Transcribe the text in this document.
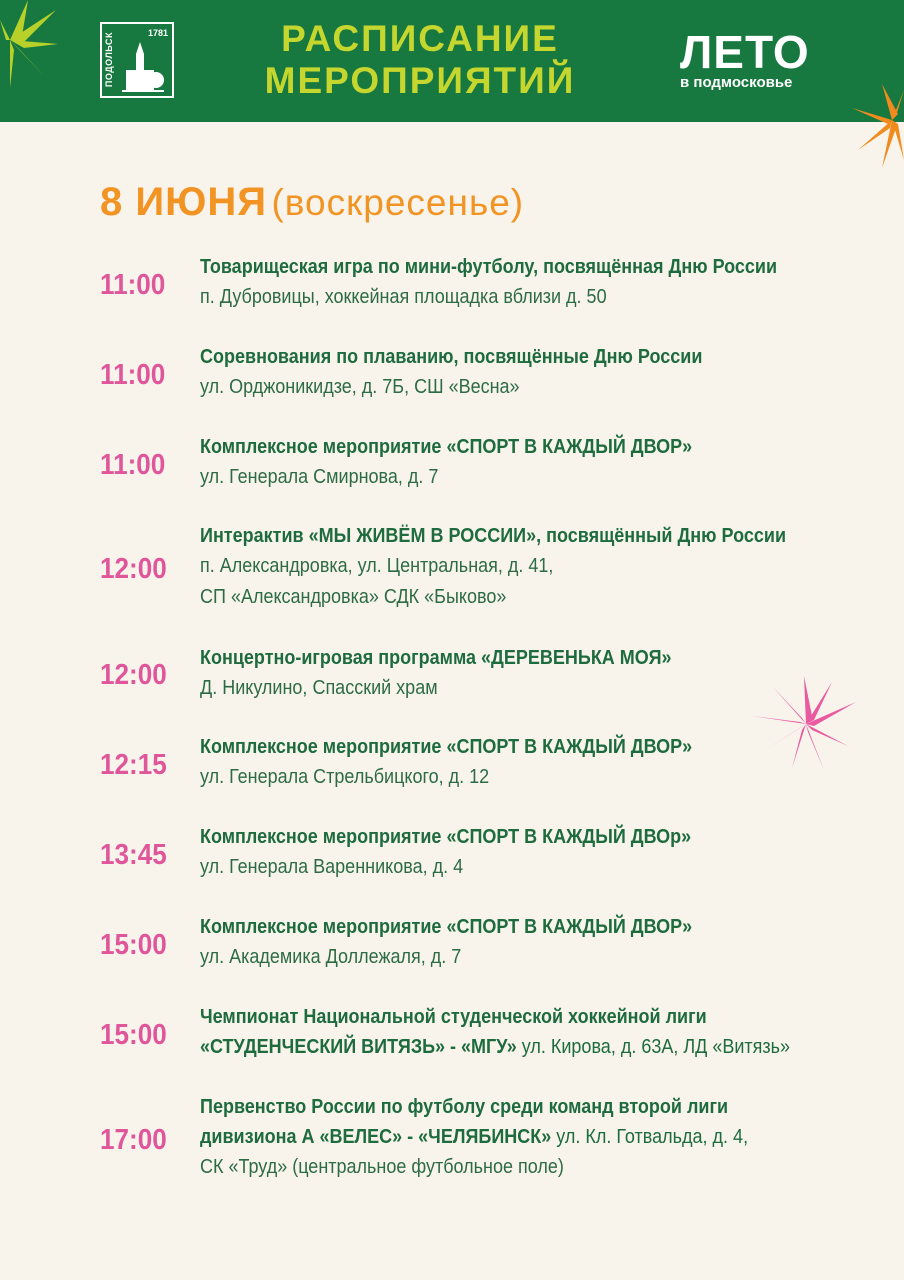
ПОДОЛЬСК	1781	РАСПИСАНИЕ
МЕРОПРИЯТИЙ
ЛЕТО
в подмосковье
8 ИЮНЯ (воскресенье)
11:00
Товарищеская игра по мини-футболу, посвящённая Дню России
п. Дубровицы, хоккейная площадка вблизи д. 50
11:00
Соревнования по плаванию, посвящённые Дню России
ул. Орджоникидзе, д. 7Б, СШ «Весна»
11:00
Комплексное мероприятие «СПОРТ В КАЖДЫЙ ДВОР»
ул. Генерала Смирнова, д. 7
12:00
Интерактив «МЫ ЖИВЁМ В РОССИИ», посвящённый Дню России
п. Александровка, ул. Центральная, д. 41,
СП «Александровка» СДК «Быково»
12:00
Концертно-игровая программа «ДЕРЕВЕНЬКА МОЯ»
Д. Никулино, Спасский храм
12:15
Комплексное мероприятие «СПОРТ В КАЖДЫЙ ДВОР»
ул. Генерала Стрельбицкого, д. 12
13:45
Комплексное мероприятие «СПОРТ В КАЖДЫЙ ДВОр»
ул. Генерала Варенникова, д. 4
15:00
Комплексное мероприятие «СПОРТ В КАЖДЫЙ ДВОР»
ул. Академика Доллежаля, д. 7
15:00
Чемпионат Национальной студенческой хоккейной лиги
«СТУДЕНЧЕСКИЙ ВИТЯЗЬ» - «МГУ» ул. Кирова, д. 63А, ЛД «Витязь»
17:00
Первенство России по футболу среди команд второй лиги
дивизиона А «ВЕЛЕС» - «ЧЕЛЯБИНСК» ул. Кл. Готвальда, д. 4,
СК «Труд» (центральное футбольное поле)
